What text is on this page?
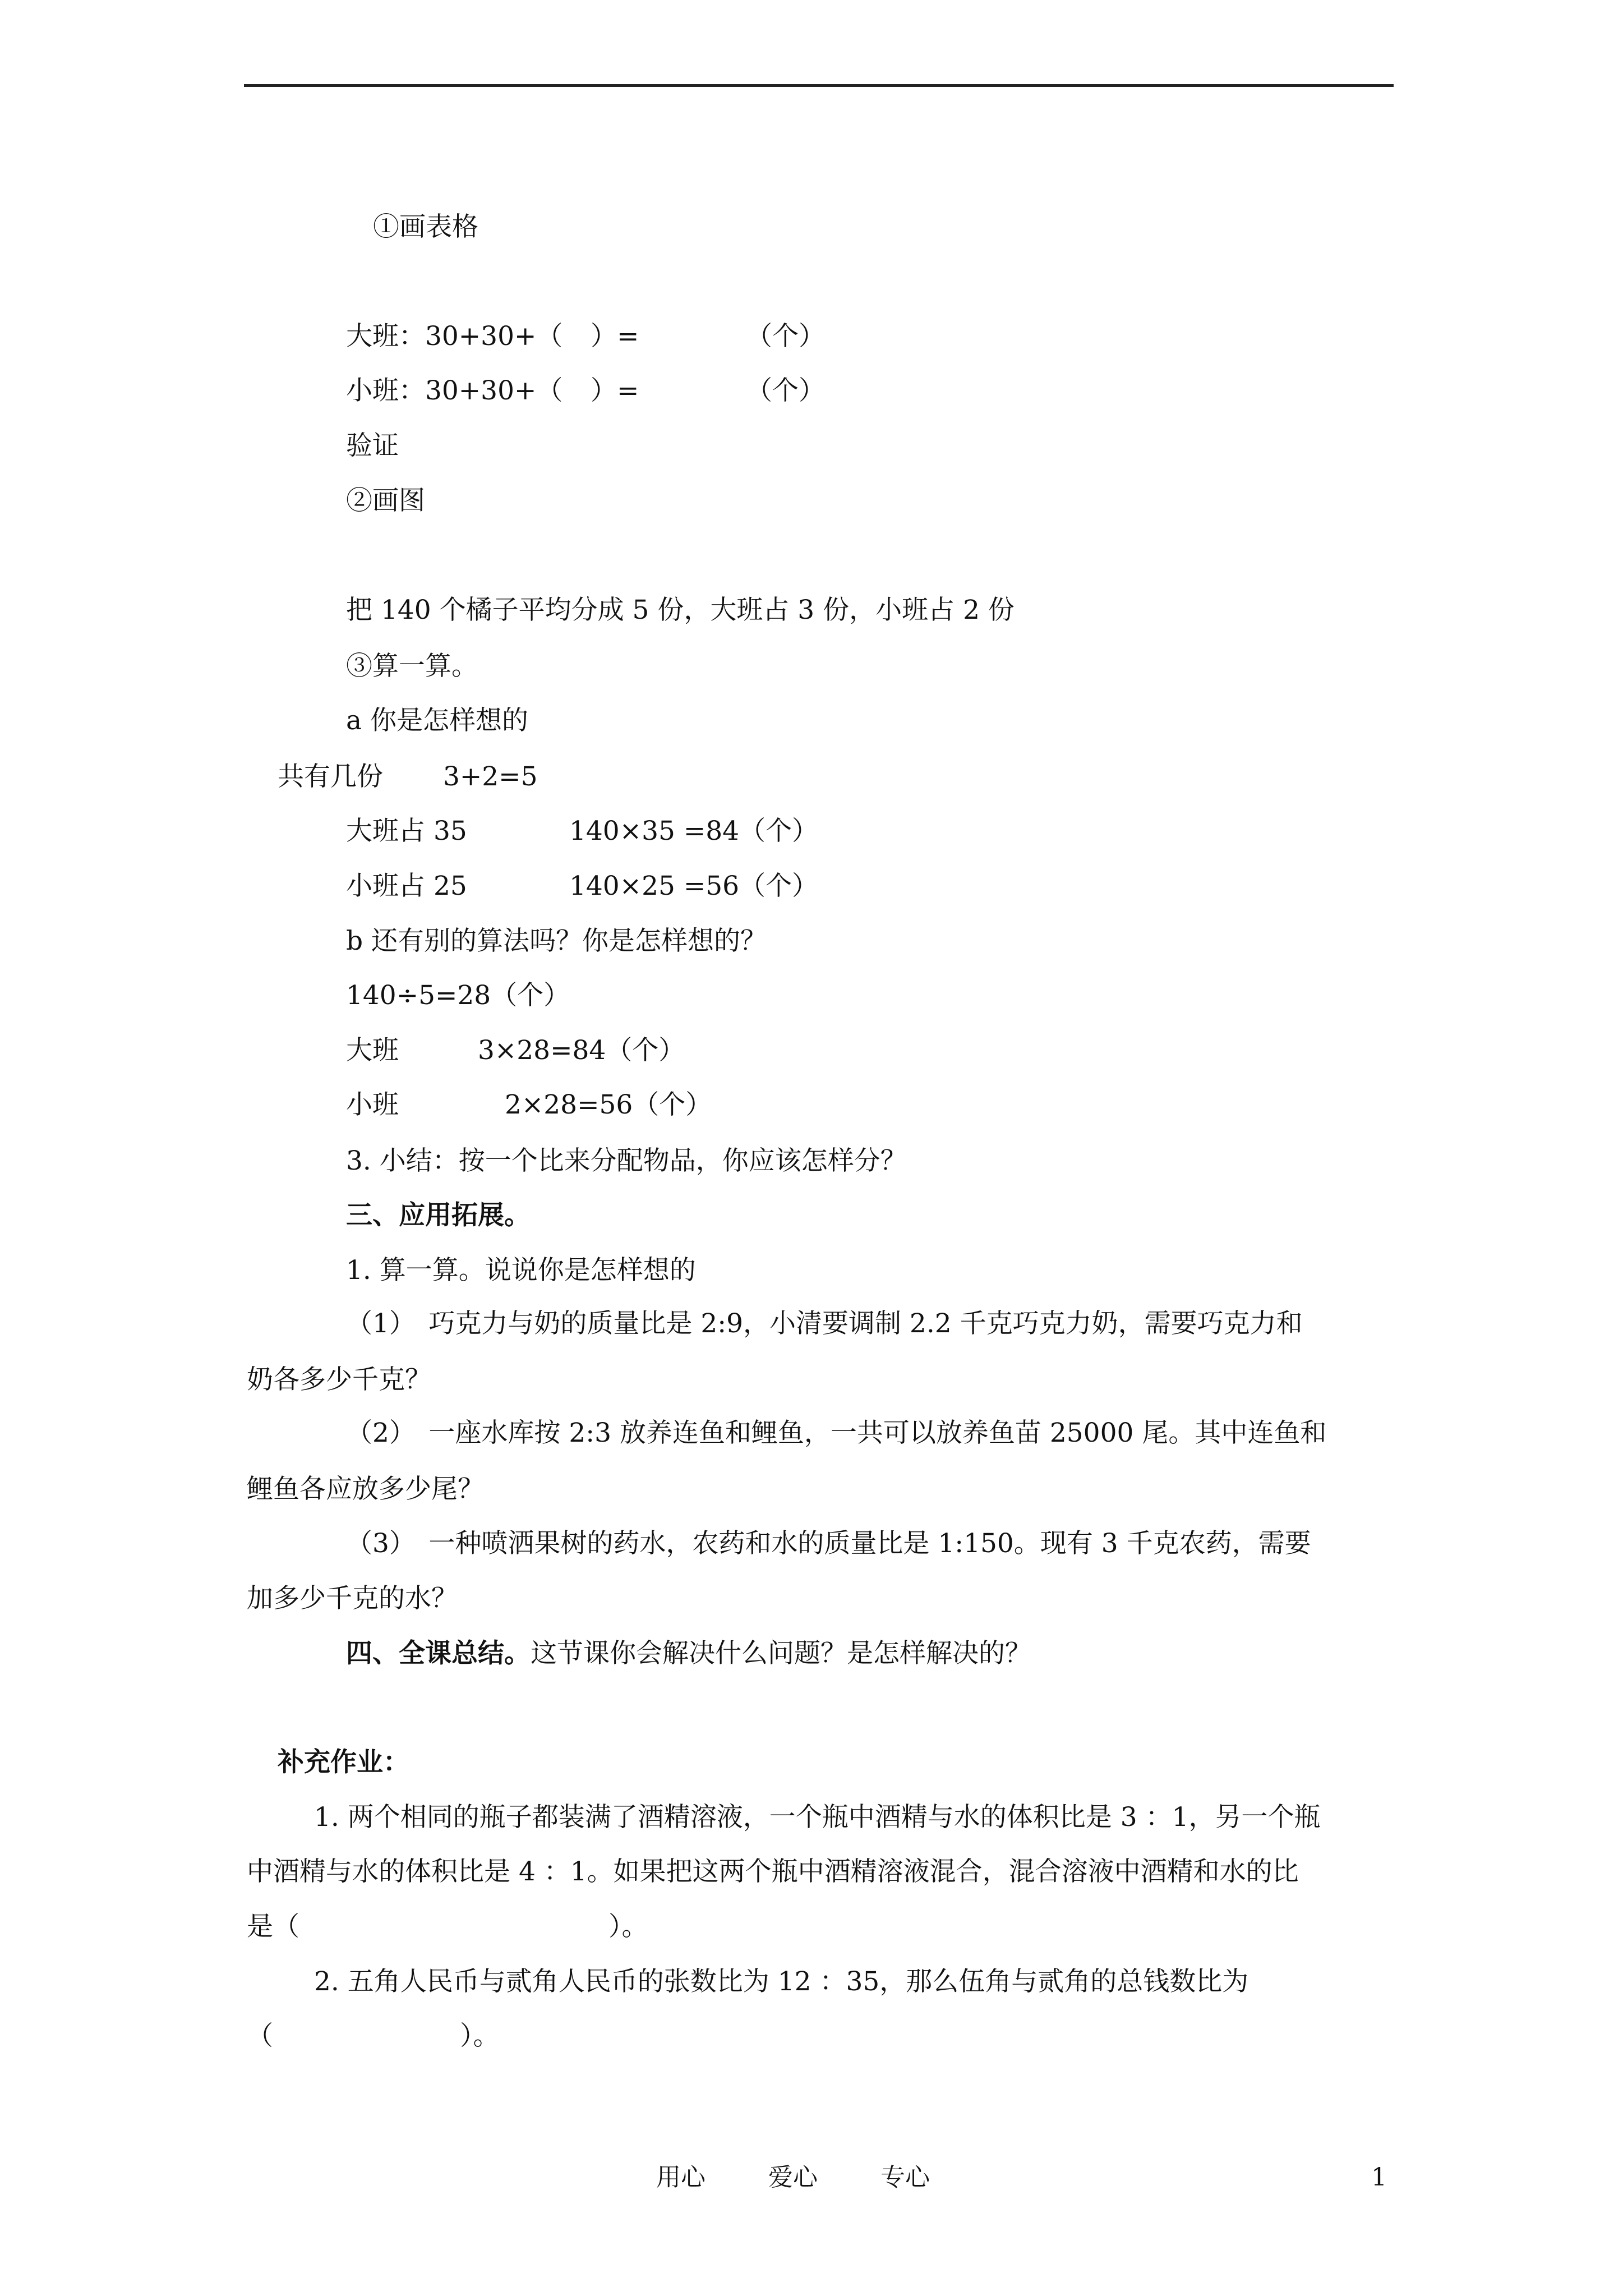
①画表格
大班：30+30+（ ）=	（个）
小班：30+30+（ ）=	（个）
验证
②画图
把 140 个橘子平均分成 5 份，大班占 3 份，小班占 2 份
③算一算。
a 你是怎样想的
共有几份 3+2=5
大班占 35	140×35 =84（个）
小班占 25	140×25 =56（个）
b 还有别的算法吗？你是怎样想的？
140÷5=28（个）
大班	3×28=84（个）
小班	2×28=56（个）
3. 小结：按一个比来分配物品，你应该怎样分？
三、应用拓展。
1. 算一算。说说你是怎样想的
（1）　巧克力与奶的质量比是 2:9，小清要调制 2.2 千克巧克力奶，需要巧克力和
奶各多少千克？
（2）　一座水库按 2:3 放养连鱼和鲤鱼，一共可以放养鱼苗 25000 尾。其中连鱼和
鲤鱼各应放多少尾？
（3）　一种喷洒果树的药水，农药和水的质量比是 1:150。现有 3 千克农药，需要
加多少千克的水？
四、全课总结。这节课你会解决什么问题？是怎样解决的？
补充作业：
1. 两个相同的瓶子都装满了酒精溶液，一个瓶中酒精与水的体积比是 3 ：1，另一个瓶
中酒精与水的体积比是 4 ：1。如果把这两个瓶中酒精溶液混合，混合溶液中酒精和水的比
是（	）。
2. 五角人民币与贰角人民币的张数比为 12 ：35，那么伍角与贰角的总钱数比为
（	）。
用心	爱心	专心	1
